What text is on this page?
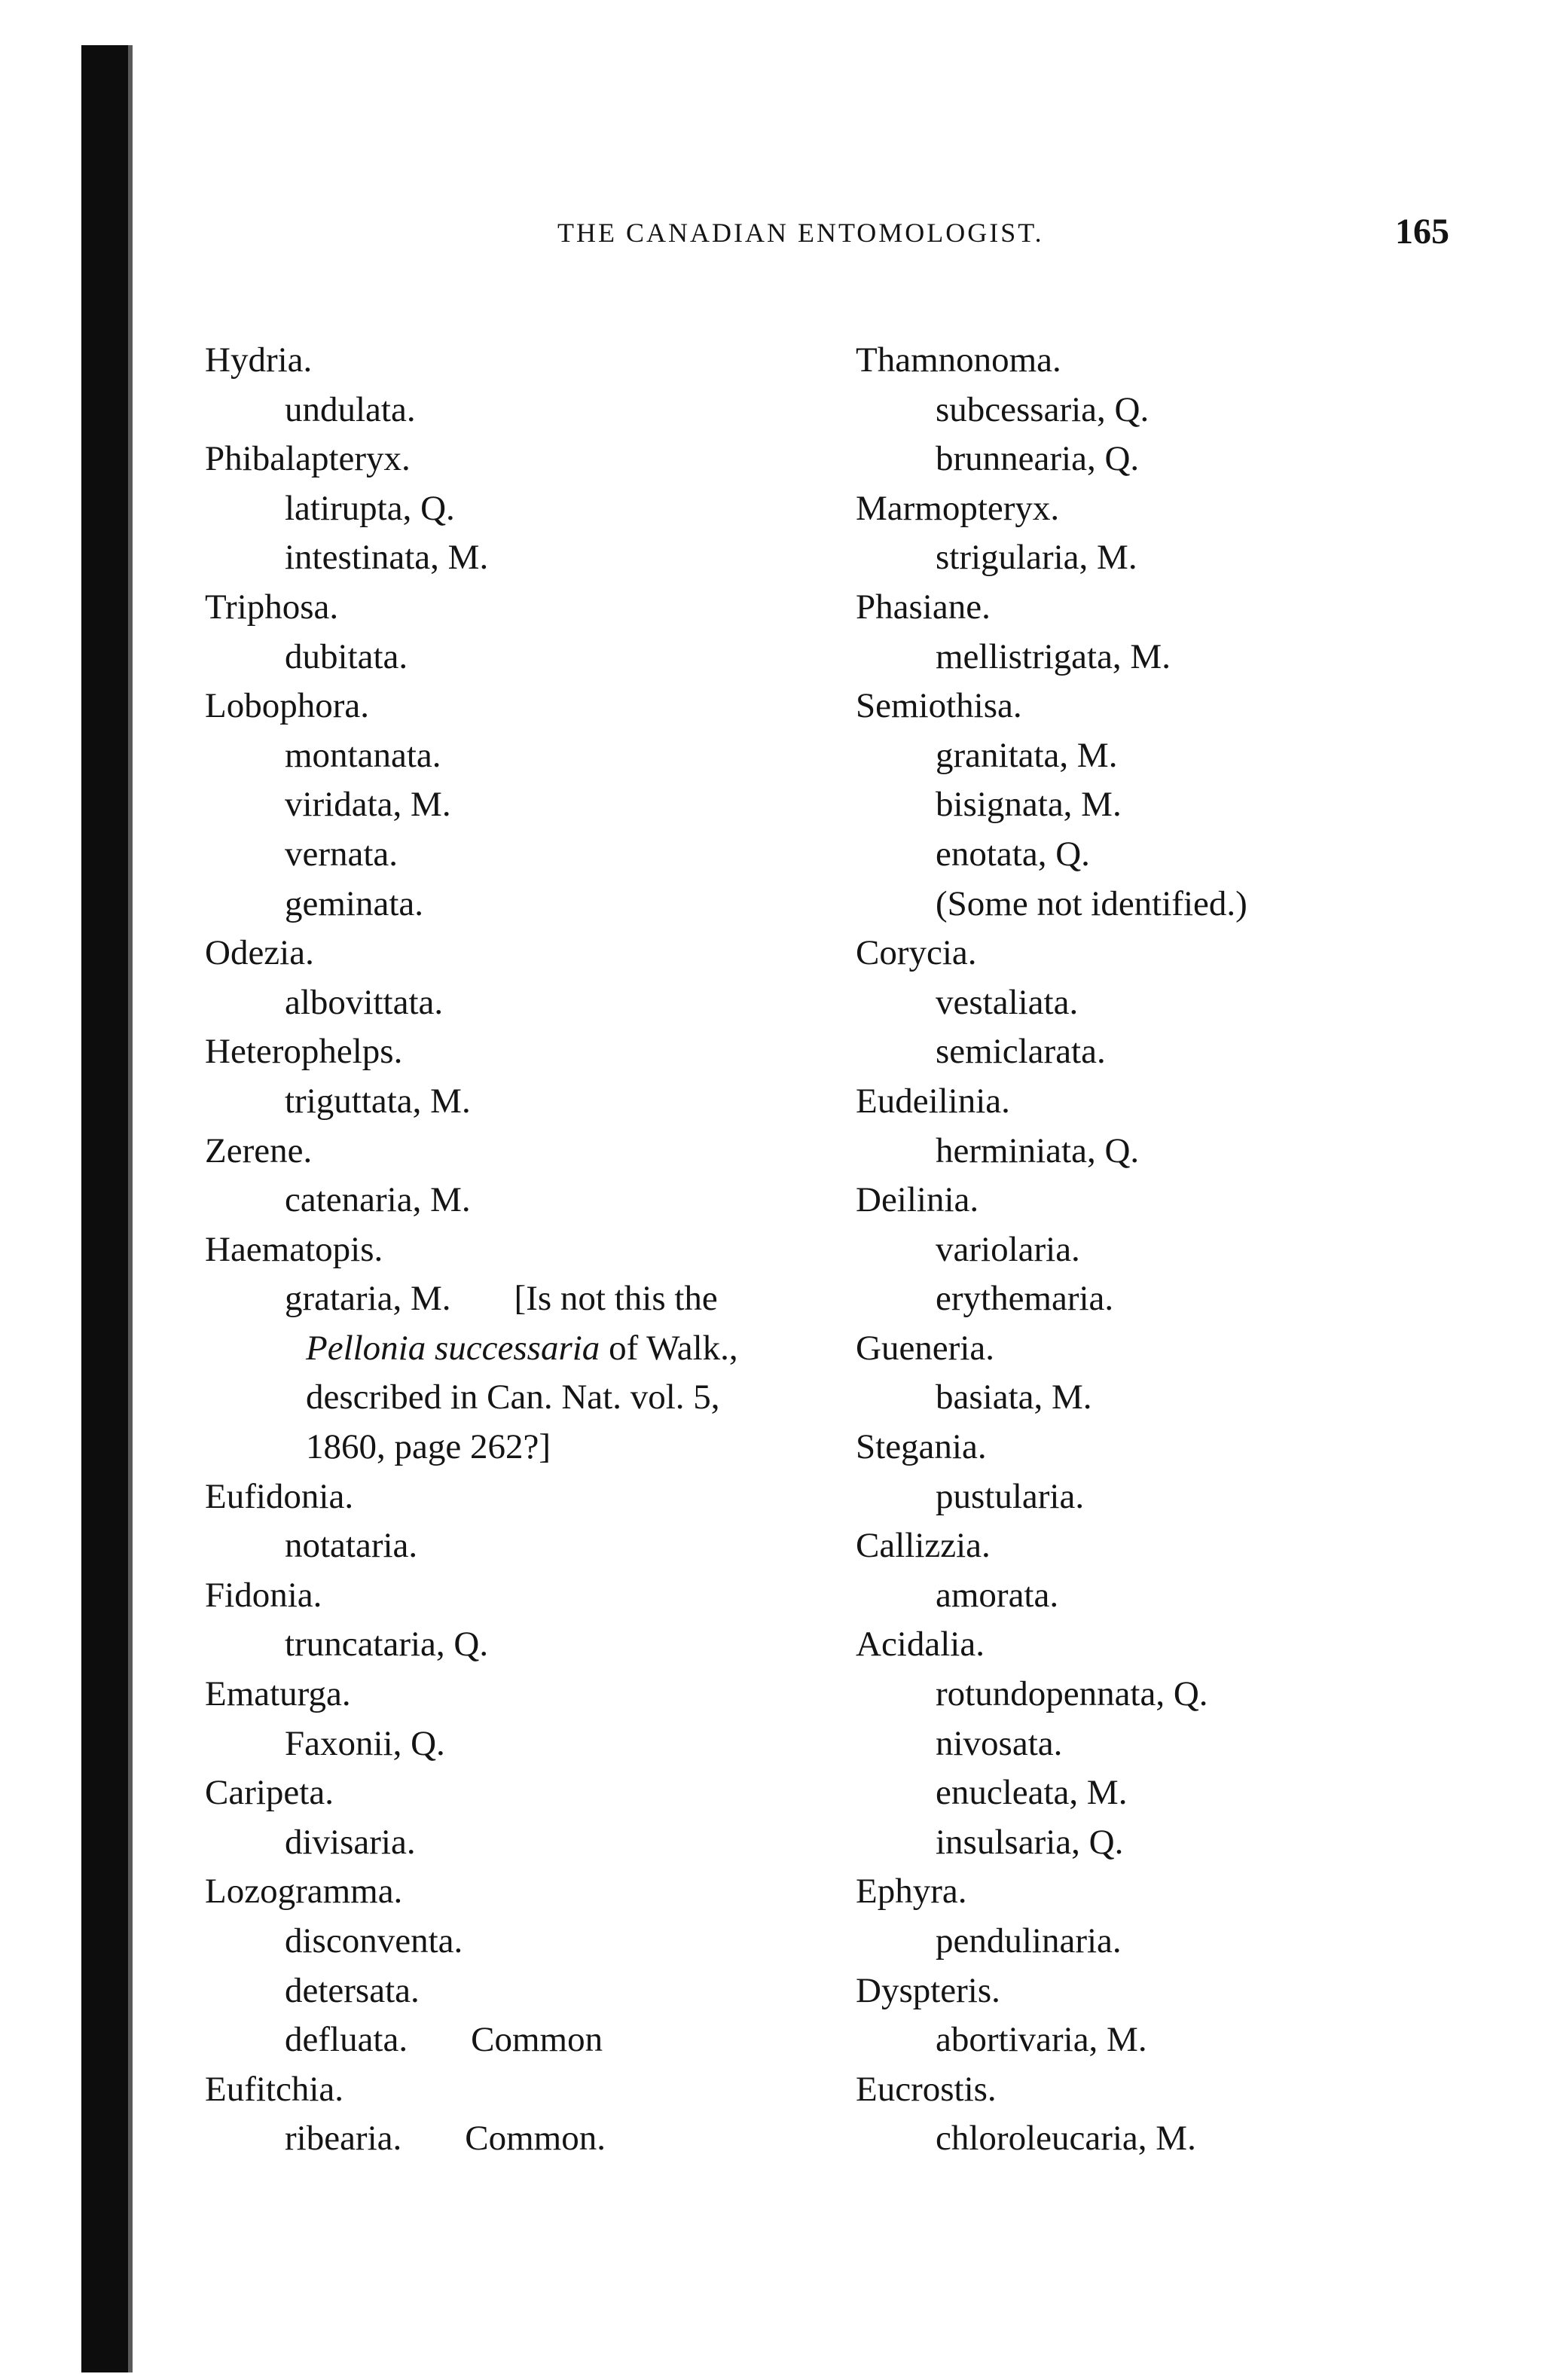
THE CANADIAN ENTOMOLOGIST.	165
Hydria.
undulata.
Phibalapteryx.
latirupta, Q.
intestinata, M.
Triphosa.
dubitata.
Lobophora.
montanata.
viridata, M.
vernata.
geminata.
Odezia.
albovittata.
Heterophelps.
triguttata, M.
Zerene.
catenaria, M.
Haematopis.
grataria, M. [Is not this the
Pellonia successaria of Walk.,
described in Can. Nat. vol. 5,
1860, page 262?]
Eufidonia.
notataria.
Fidonia.
truncataria, Q.
Ematurga.
Faxonii, Q.
Caripeta.
divisaria.
Lozogramma.
disconventa.
detersata.
defluata. Common
Eufitchia.
ribearia. Common.
Thamnonoma.
subcessaria, Q.
brunnearia, Q.
Marmopteryx.
strigularia, M.
Phasiane.
mellistrigata, M.
Semiothisa.
granitata, M.
bisignata, M.
enotata, Q.
(Some not identified.)
Corycia.
vestaliata.
semiclarata.
Eudeilinia.
herminiata, Q.
Deilinia.
variolaria.
erythemaria.
Gueneria.
basiata, M.
Stegania.
pustularia.
Callizzia.
amorata.
Acidalia.
rotundopennata, Q.
nivosata.
enucleata, M.
insulsaria, Q.
Ephyra.
pendulinaria.
Dyspteris.
abortivaria, M.
Eucrostis.
chloroleucaria, M.
